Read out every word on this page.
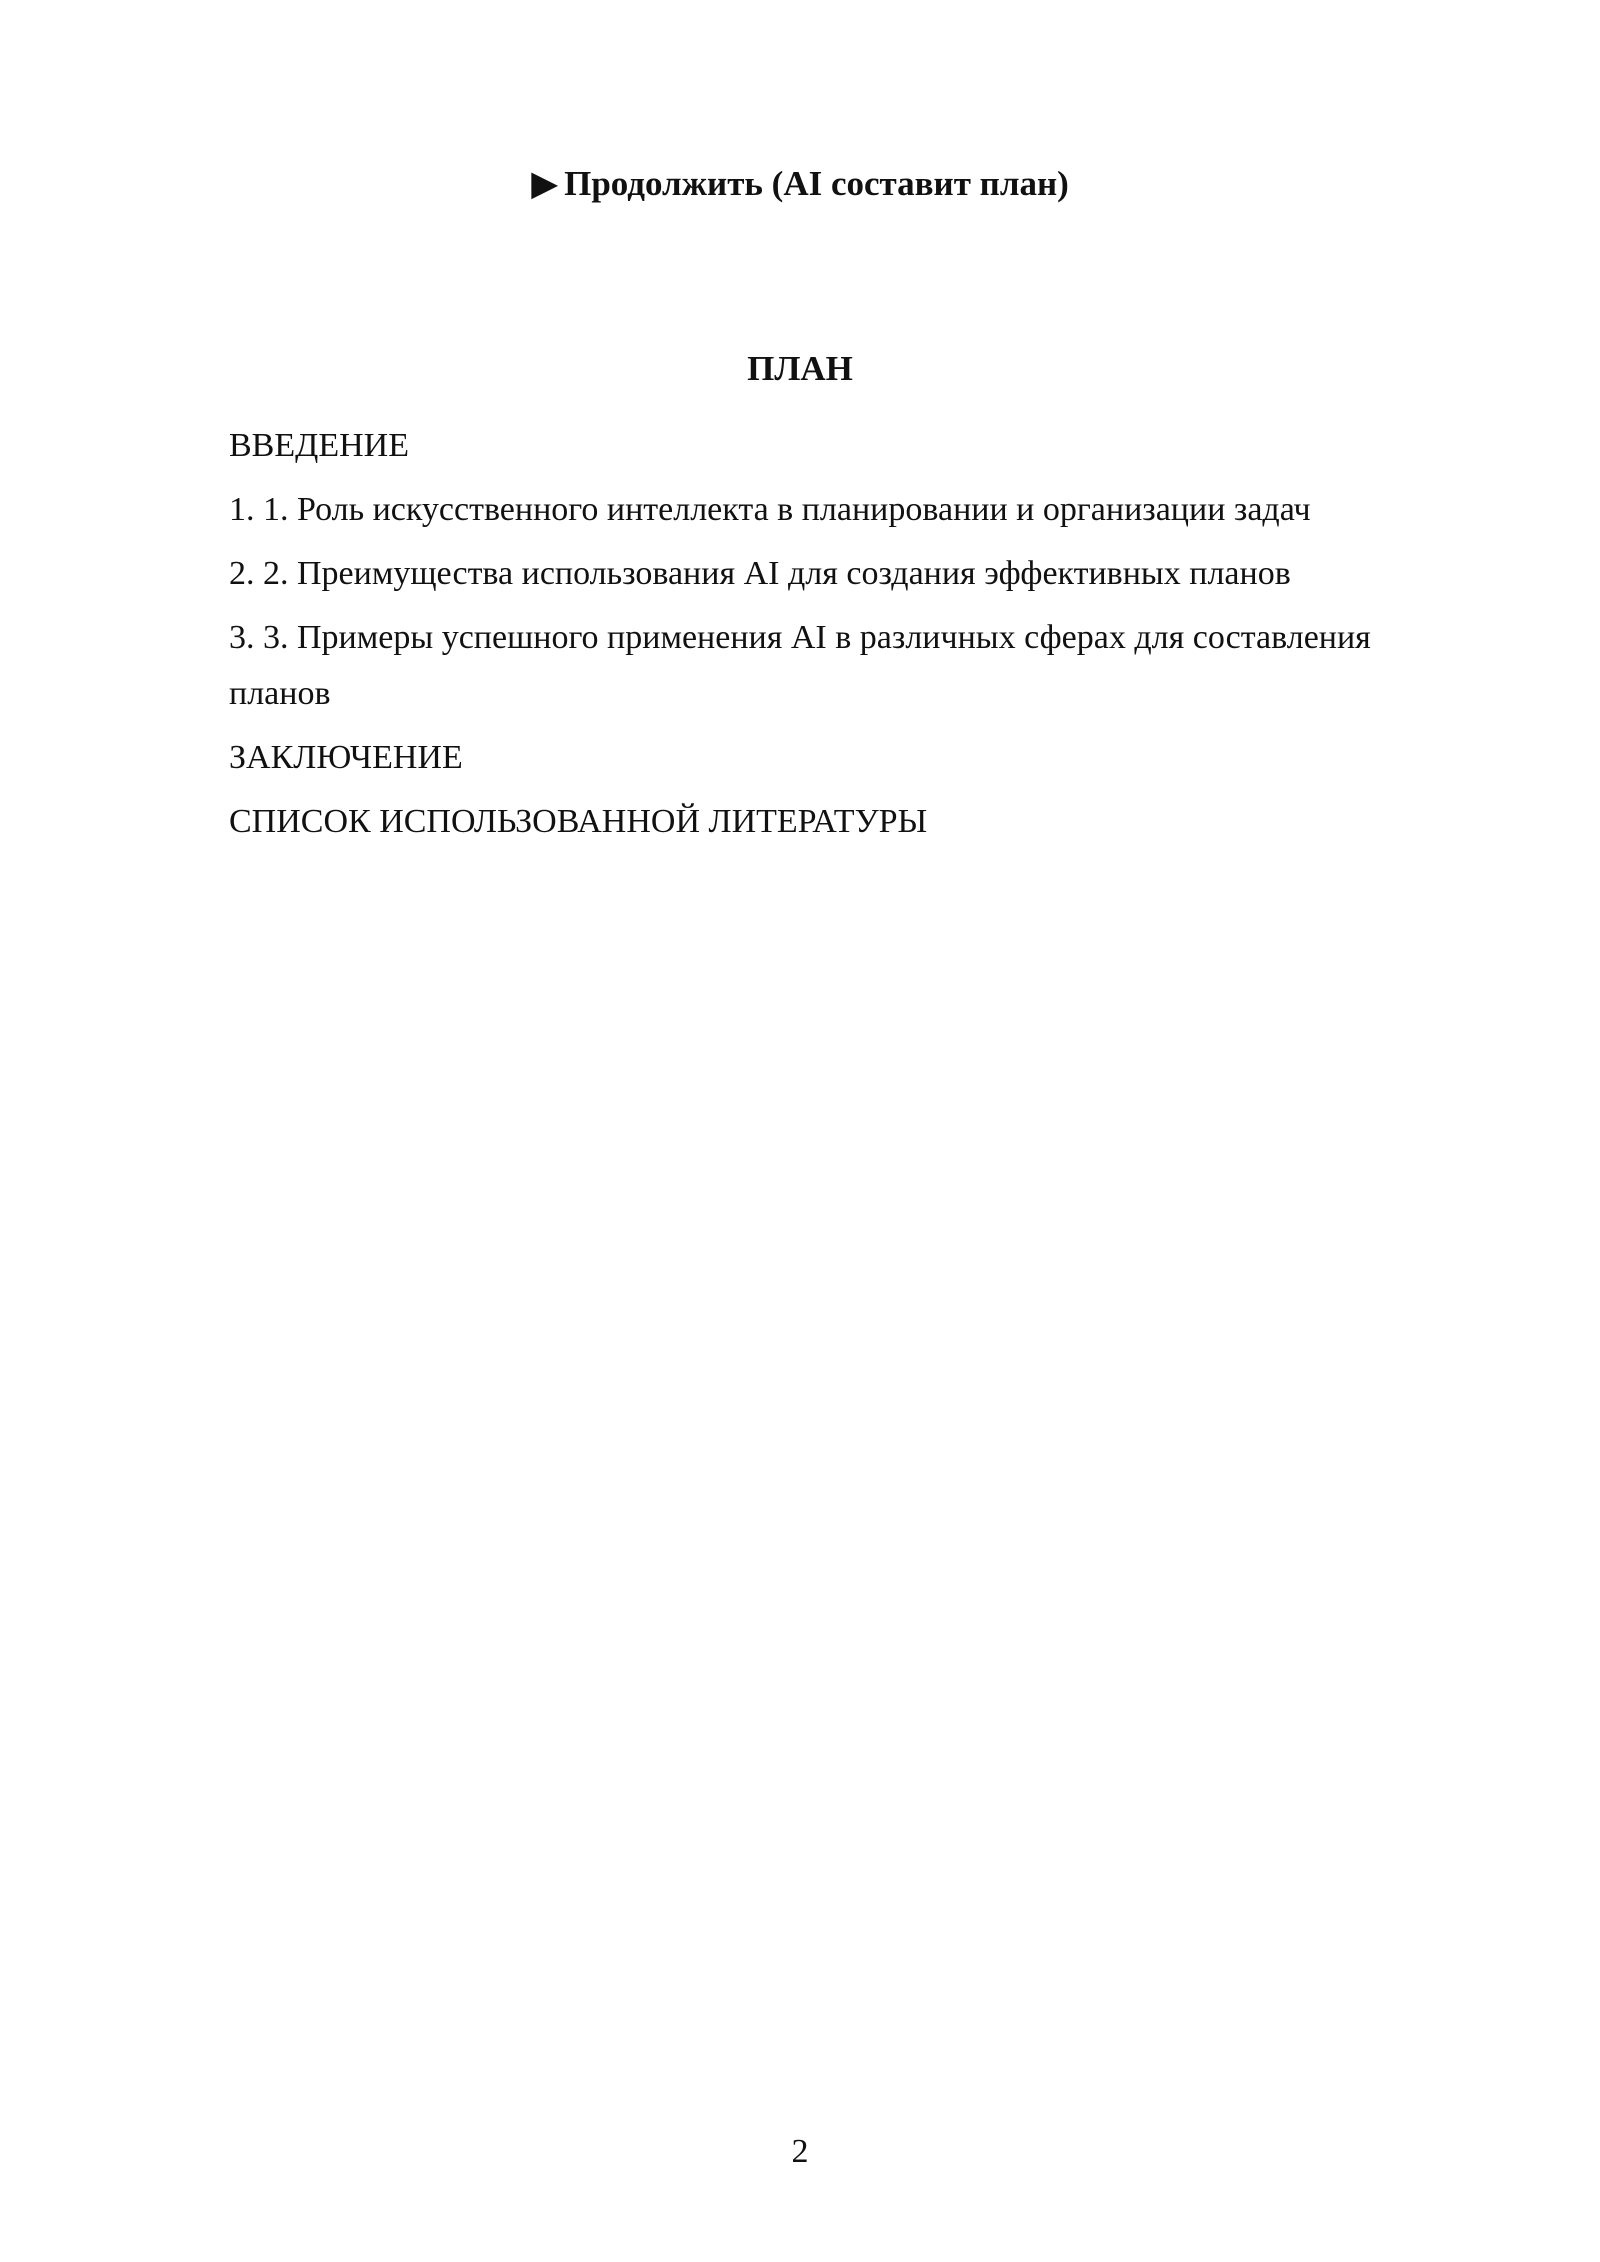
▶ Продолжить (AI составит план)
ПЛАН
ВВЕДЕНИЕ
1. 1. Роль искусственного интеллекта в планировании и организации задач
2. 2. Преимущества использования AI для создания эффективных планов
3. 3. Примеры успешного применения AI в различных сферах для составления планов
ЗАКЛЮЧЕНИЕ
СПИСОК ИСПОЛЬЗОВАННОЙ ЛИТЕРАТУРЫ
2
